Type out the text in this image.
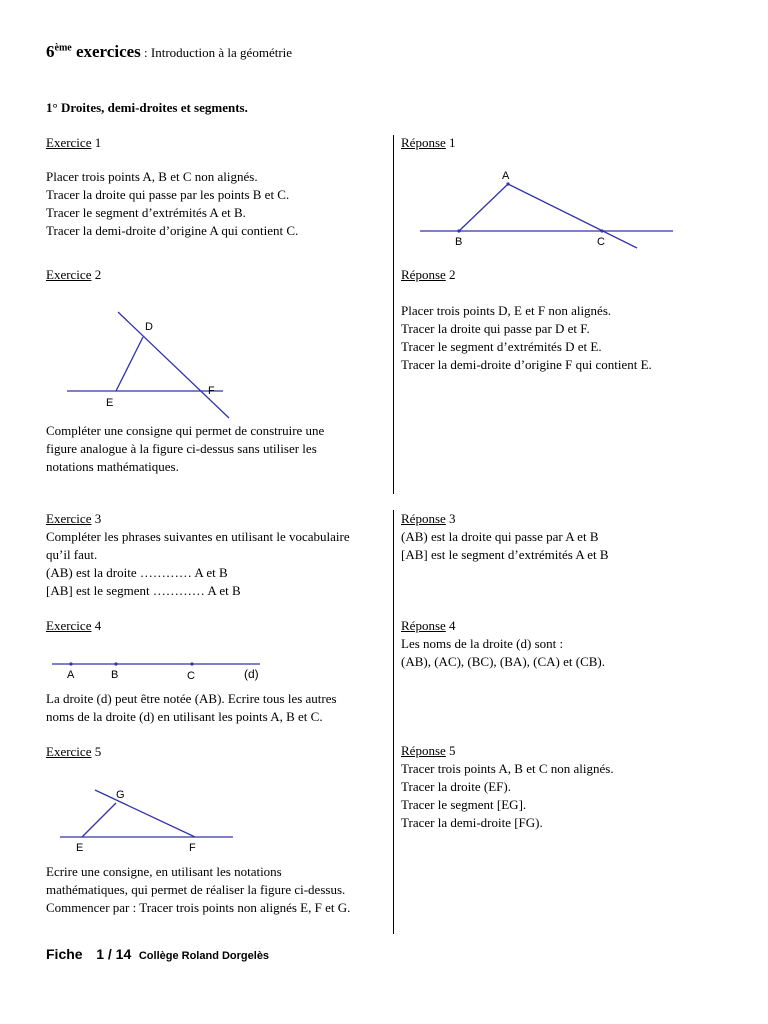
6ème exercices : Introduction à la géométrie
1° Droites, demi-droites et segments.
Exercice 1
Placer trois points A, B et C non alignés.
Tracer la droite qui passe par les points B et C.
Tracer le segment d’extrémités A et B.
Tracer la demi-droite d’origine A qui contient C.
Réponse 1
A
B	C
Exercice 2
D
E
F
Compléter une consigne qui permet de construire une
figure analogue à la figure ci-dessus sans utiliser les
notations mathématiques.
Réponse 2
Placer trois points D, E et F non alignés.
Tracer la droite qui passe par D et F.
Tracer le segment d’extrémités D et E.
Tracer la demi-droite d’origine F qui contient E.
Exercice 3
Compléter les phrases suivantes en utilisant le vocabulaire
qu’il faut.
(AB) est la droite ………… A et B
[AB] est le segment ………… A et B
Réponse 3
(AB) est la droite qui passe par A et B
[AB] est le segment d’extrémités A et B
Exercice 4
A	B	C	(d)
La droite (d) peut être notée (AB). Ecrire tous les autres
noms de la droite (d) en utilisant les points A, B et C.
Réponse 4
Les noms de la droite (d) sont :
(AB), (AC), (BC), (BA), (CA) et (CB).
Exercice 5
G
E	F
Ecrire une consigne, en utilisant les notations
mathématiques, qui permet de réaliser la figure ci-dessus.
Commencer par : Tracer trois points non alignés E, F et G.
Réponse 5
Tracer trois points A, B et C non alignés.
Tracer la droite (EF).
Tracer le segment [EG].
Tracer la demi-droite [FG).
Fiche 1 / 14 Collège Roland Dorgelès
